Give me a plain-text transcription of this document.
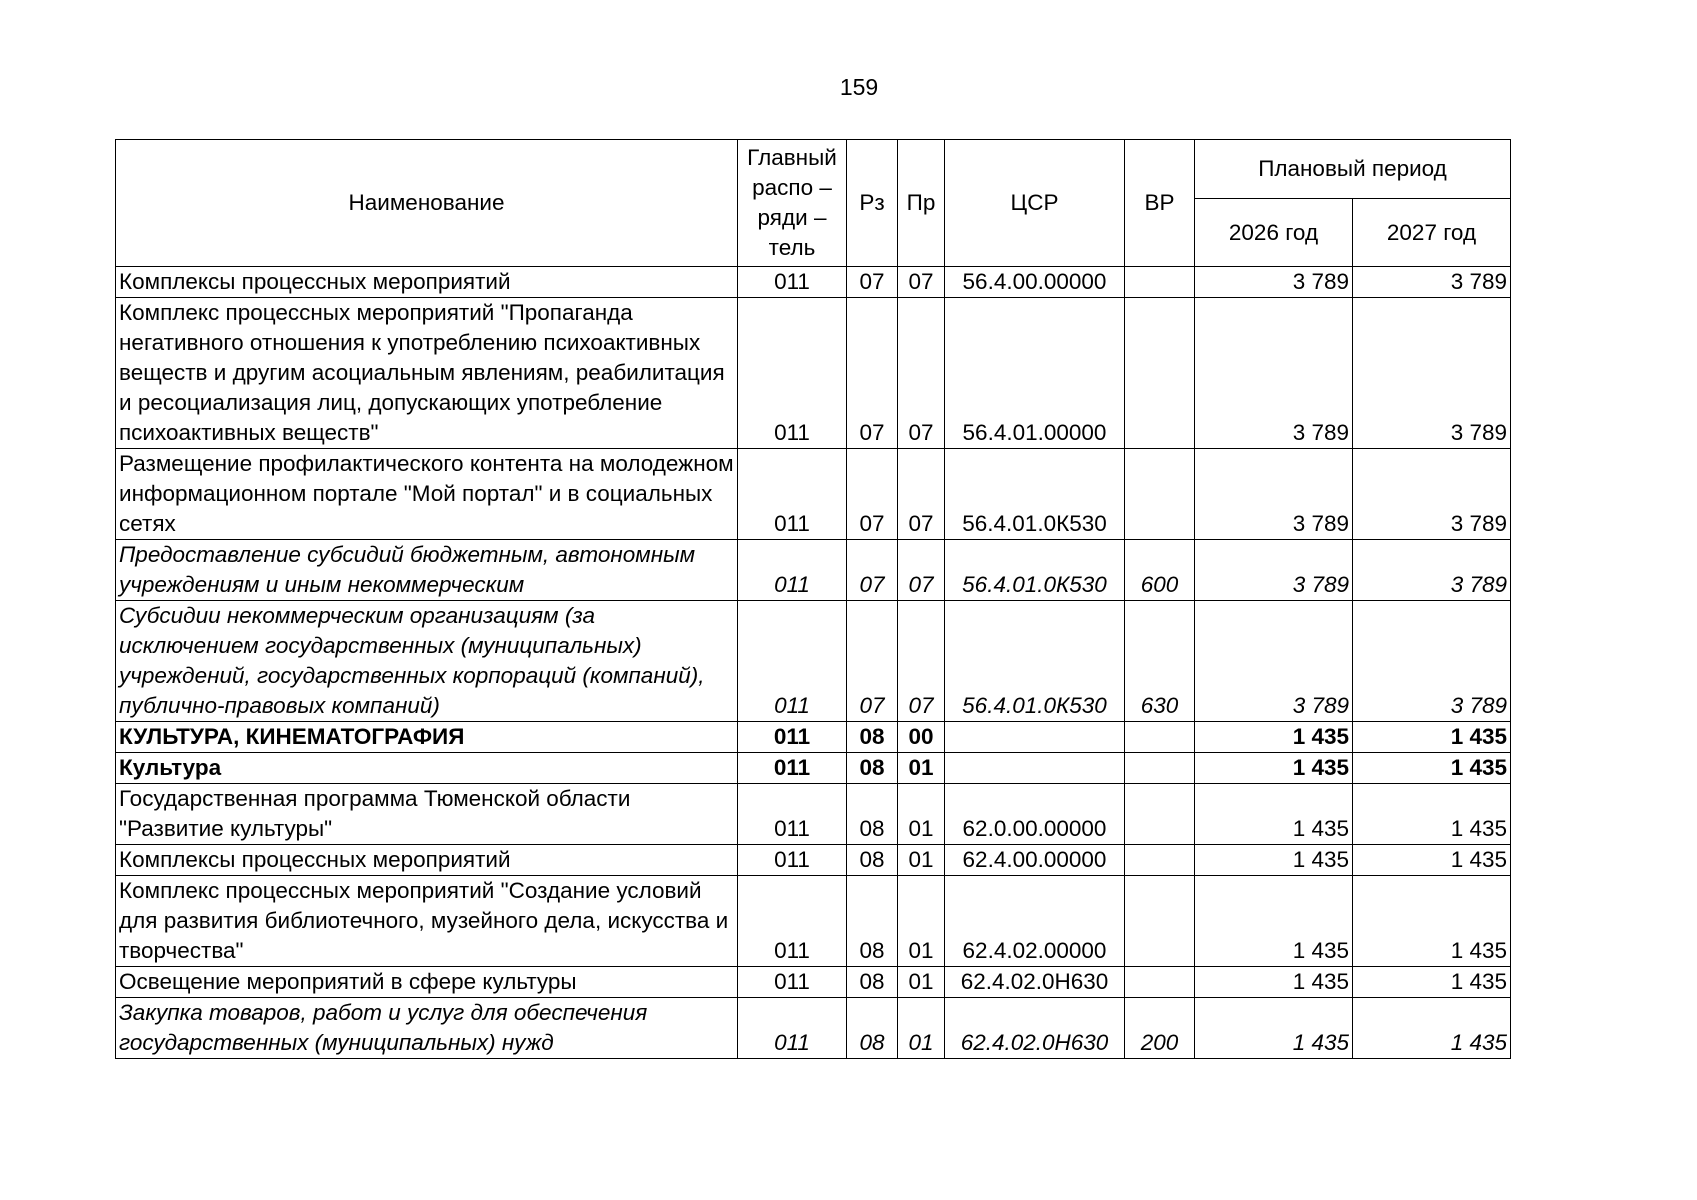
159
Наименование	Главный распо – ряди – тель	Рз	Пр	ЦСР	ВР	Плановый период	
						2026 год	2027 год
Комплексы процессных мероприятий	011	07	07	56.4.00.00000		3 789	3 789
Комплекс процессных мероприятий "Пропаганда негативного отношения к употреблению психоактивных веществ и другим асоциальным явлениям, реабилитация и ресоциализация лиц, допускающих употребление психоактивных веществ"	011	07	07	56.4.01.00000		3 789	3 789
Размещение профилактического контента на молодежном информационном портале "Мой портал" и в социальных сетях	011	07	07	56.4.01.0К530		3 789	3 789
Предоставление субсидий бюджетным, автономным учреждениям и иным некоммерческим	011	07	07	56.4.01.0К530	600	3 789	3 789
Субсидии некоммерческим организациям (за исключением государственных (муниципальных) учреждений, государственных корпораций (компаний), публично-правовых компаний)	011	07	07	56.4.01.0К530	630	3 789	3 789
КУЛЬТУРА, КИНЕМАТОГРАФИЯ	011	08	00			1 435	1 435
Культура	011	08	01			1 435	1 435
Государственная программа Тюменской области "Развитие культуры"	011	08	01	62.0.00.00000		1 435	1 435
Комплексы процессных мероприятий	011	08	01	62.4.00.00000		1 435	1 435
Комплекс процессных мероприятий "Создание условий для развития библиотечного, музейного дела, искусства и творчества"	011	08	01	62.4.02.00000		1 435	1 435
Освещение мероприятий в сфере культуры	011	08	01	62.4.02.0Н630		1 435	1 435
Закупка товаров, работ и услуг для обеспечения государственных (муниципальных) нужд	011	08	01	62.4.02.0Н630	200	1 435	1 435
